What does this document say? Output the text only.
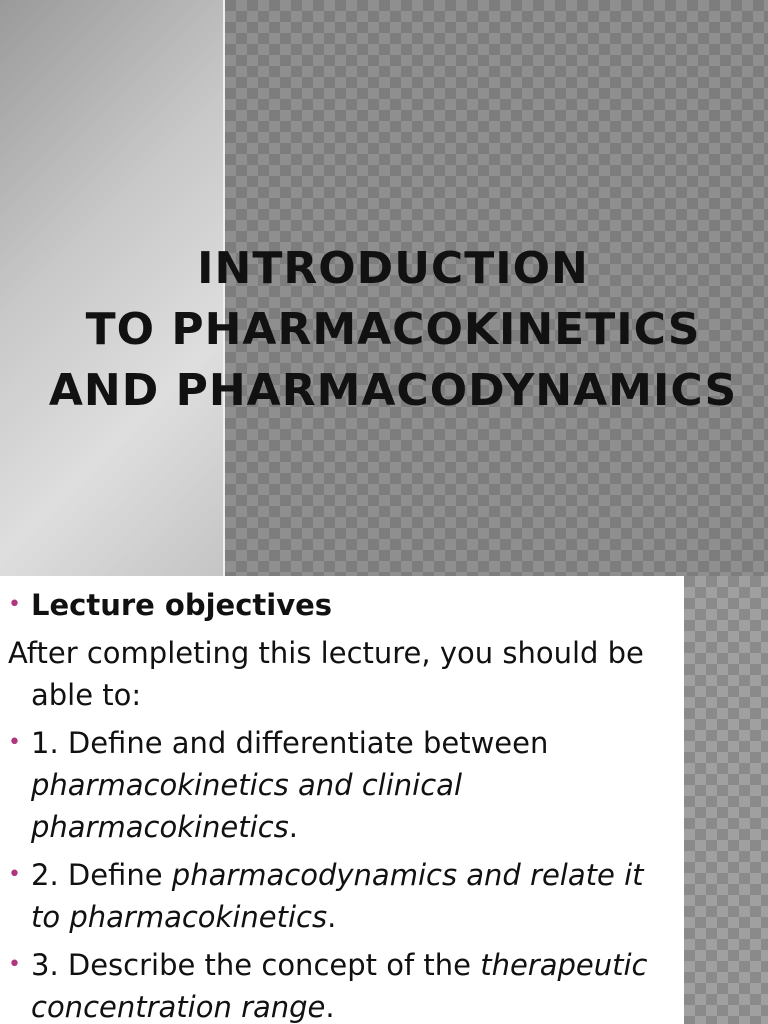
INTRODUCTION
TO PHARMACOKINETICS
AND PHARMACODYNAMICS
• Lecture objectives
After completing this lecture, you should be able to:
• 1. Define and differentiate between pharmacokinetics and clinical pharmacokinetics.
• 2. Define pharmacodynamics and relate it to pharmacokinetics.
• 3. Describe the concept of the therapeutic concentration range.
